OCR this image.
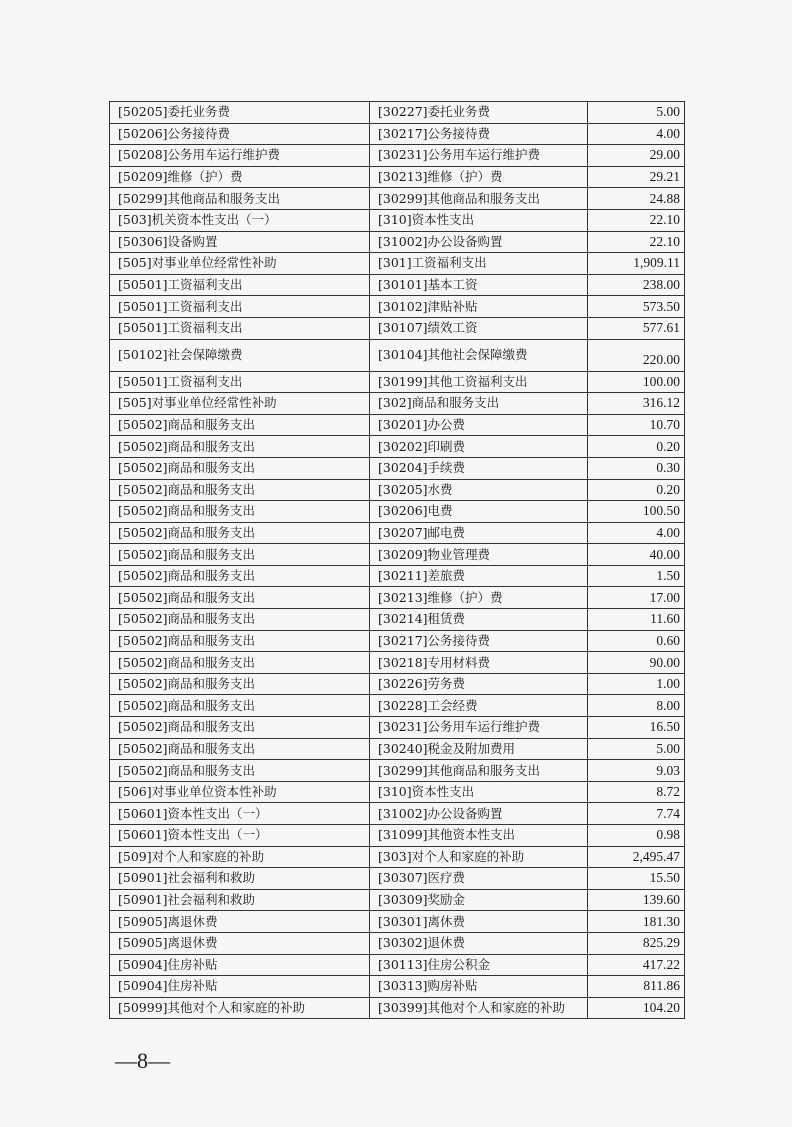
[50205]委托业务费	[30227]委托业务费	5.00
[50206]公务接待费	[30217]公务接待费	4.00
[50208]公务用车运行维护费	[30231]公务用车运行维护费	29.00
[50209]维修（护）费	[30213]维修（护）费	29.21
[50299]其他商品和服务支出	[30299]其他商品和服务支出	24.88
[503]机关资本性支出（一）	[310]资本性支出	22.10
[50306]设备购置	[31002]办公设备购置	22.10
[505]对事业单位经常性补助	[301]工资福利支出	1,909.11
[50501]工资福利支出	[30101]基本工资	238.00
[50501]工资福利支出	[30102]津贴补贴	573.50
[50501]工资福利支出	[30107]绩效工资	577.61
[50102]社会保障缴费	[30104]其他社会保障缴费	220.00
[50501]工资福利支出	[30199]其他工资福利支出	100.00
[505]对事业单位经常性补助	[302]商品和服务支出	316.12
[50502]商品和服务支出	[30201]办公费	10.70
[50502]商品和服务支出	[30202]印刷费	0.20
[50502]商品和服务支出	[30204]手续费	0.30
[50502]商品和服务支出	[30205]水费	0.20
[50502]商品和服务支出	[30206]电费	100.50
[50502]商品和服务支出	[30207]邮电费	4.00
[50502]商品和服务支出	[30209]物业管理费	40.00
[50502]商品和服务支出	[30211]差旅费	1.50
[50502]商品和服务支出	[30213]维修（护）费	17.00
[50502]商品和服务支出	[30214]租赁费	11.60
[50502]商品和服务支出	[30217]公务接待费	0.60
[50502]商品和服务支出	[30218]专用材料费	90.00
[50502]商品和服务支出	[30226]劳务费	1.00
[50502]商品和服务支出	[30228]工会经费	8.00
[50502]商品和服务支出	[30231]公务用车运行维护费	16.50
[50502]商品和服务支出	[30240]税金及附加费用	5.00
[50502]商品和服务支出	[30299]其他商品和服务支出	9.03
[506]对事业单位资本性补助	[310]资本性支出	8.72
[50601]资本性支出（一）	[31002]办公设备购置	7.74
[50601]资本性支出（一）	[31099]其他资本性支出	0.98
[509]对个人和家庭的补助	[303]对个人和家庭的补助	2,495.47
[50901]社会福利和救助	[30307]医疗费	15.50
[50901]社会福利和救助	[30309]奖励金	139.60
[50905]离退休费	[30301]离休费	181.30
[50905]离退休费	[30302]退休费	825.29
[50904]住房补贴	[30113]住房公积金	417.22
[50904]住房补贴	[30313]购房补贴	811.86
[50999]其他对个人和家庭的补助	[30399]其他对个人和家庭的补助	104.20
—8—
